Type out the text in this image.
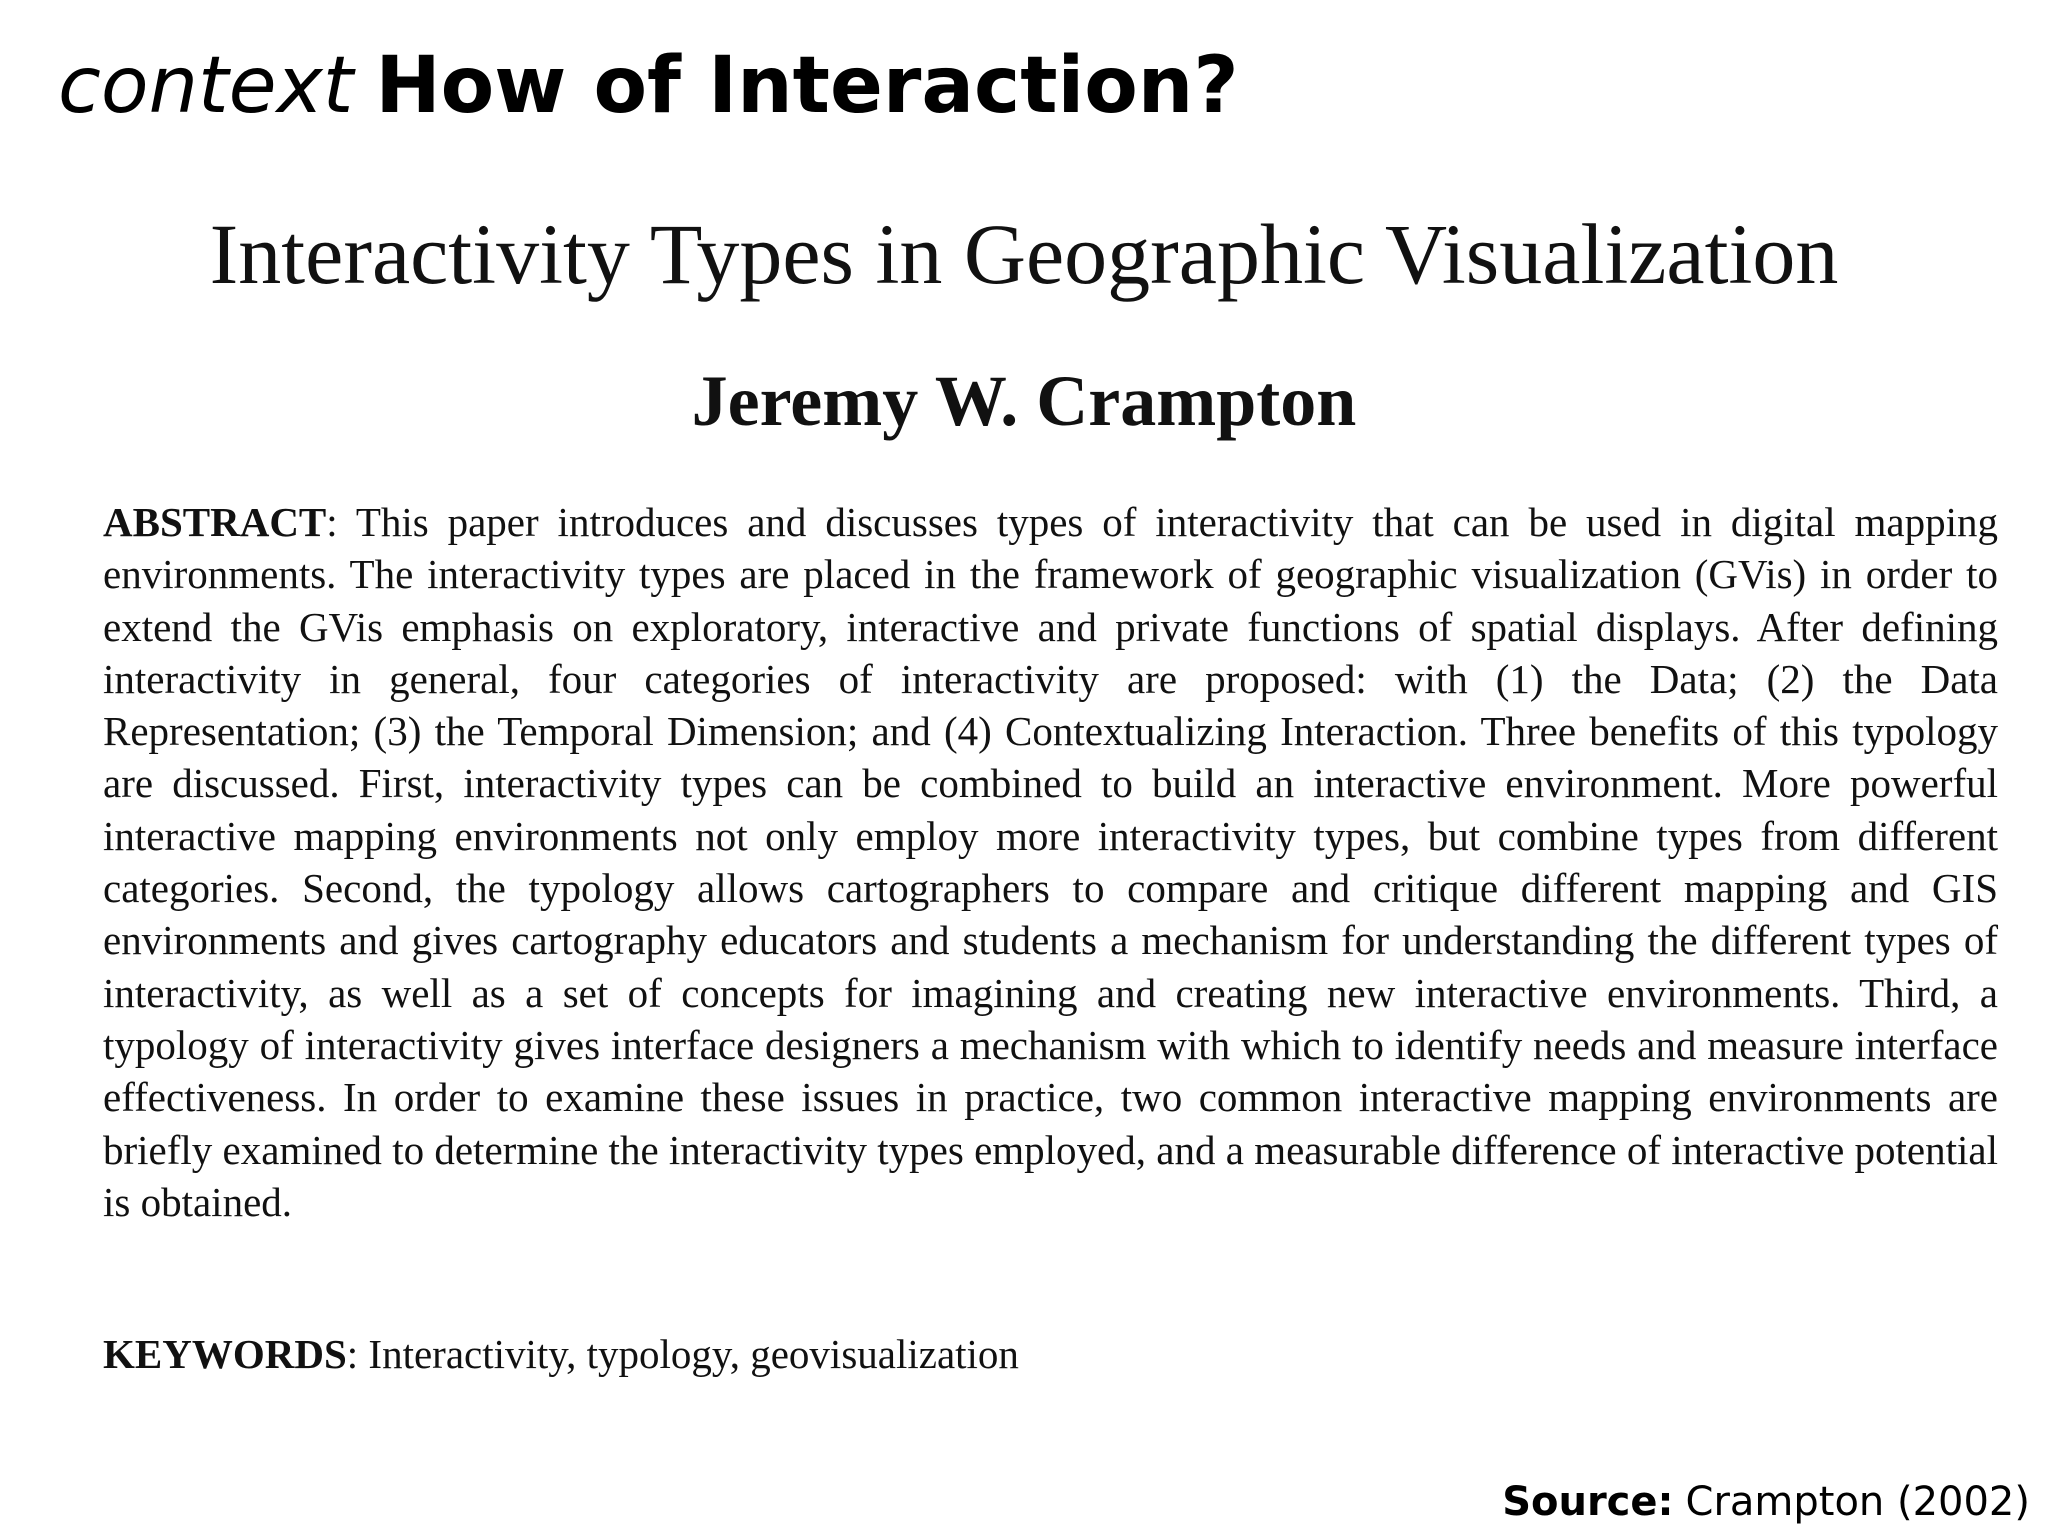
context How of Interaction?
Interactivity Types in Geographic Visualization
Jeremy W. Crampton

ABSTRACT: This paper introduces and discusses types of interactivity that can be used in digital mapping environments. The interactivity types are placed in the framework of geographic visualization (GVis) in order to extend the GVis emphasis on exploratory, interactive and private functions of spatial displays. After defining interactivity in general, four categories of interactivity are proposed: with (1) the Data; (2) the Data Representation; (3) the Temporal Dimension; and (4) Contextualizing Interaction. Three benefits of this typology are discussed. First, interactivity types can be combined to build an interactive environment. More powerful interactive mapping environments not only employ more interactivity types, but combine types from different categories. Second, the typology allows cartographers to compare and critique different mapping and GIS environments and gives cartography educators and students a mechanism for understanding the different types of interactivity, as well as a set of concepts for imagining and creating new interactive environments. Third, a typology of interactivity gives interface designers a mechanism with which to identify needs and measure interface effectiveness. In order to examine these issues in practice, two common interactive mapping environments are briefly examined to determine the interactivity types employed, and a measurable difference of interactive potential is obtained.

KEYWORDS: Interactivity, typology, geovisualization

Source: Crampton (2002)
